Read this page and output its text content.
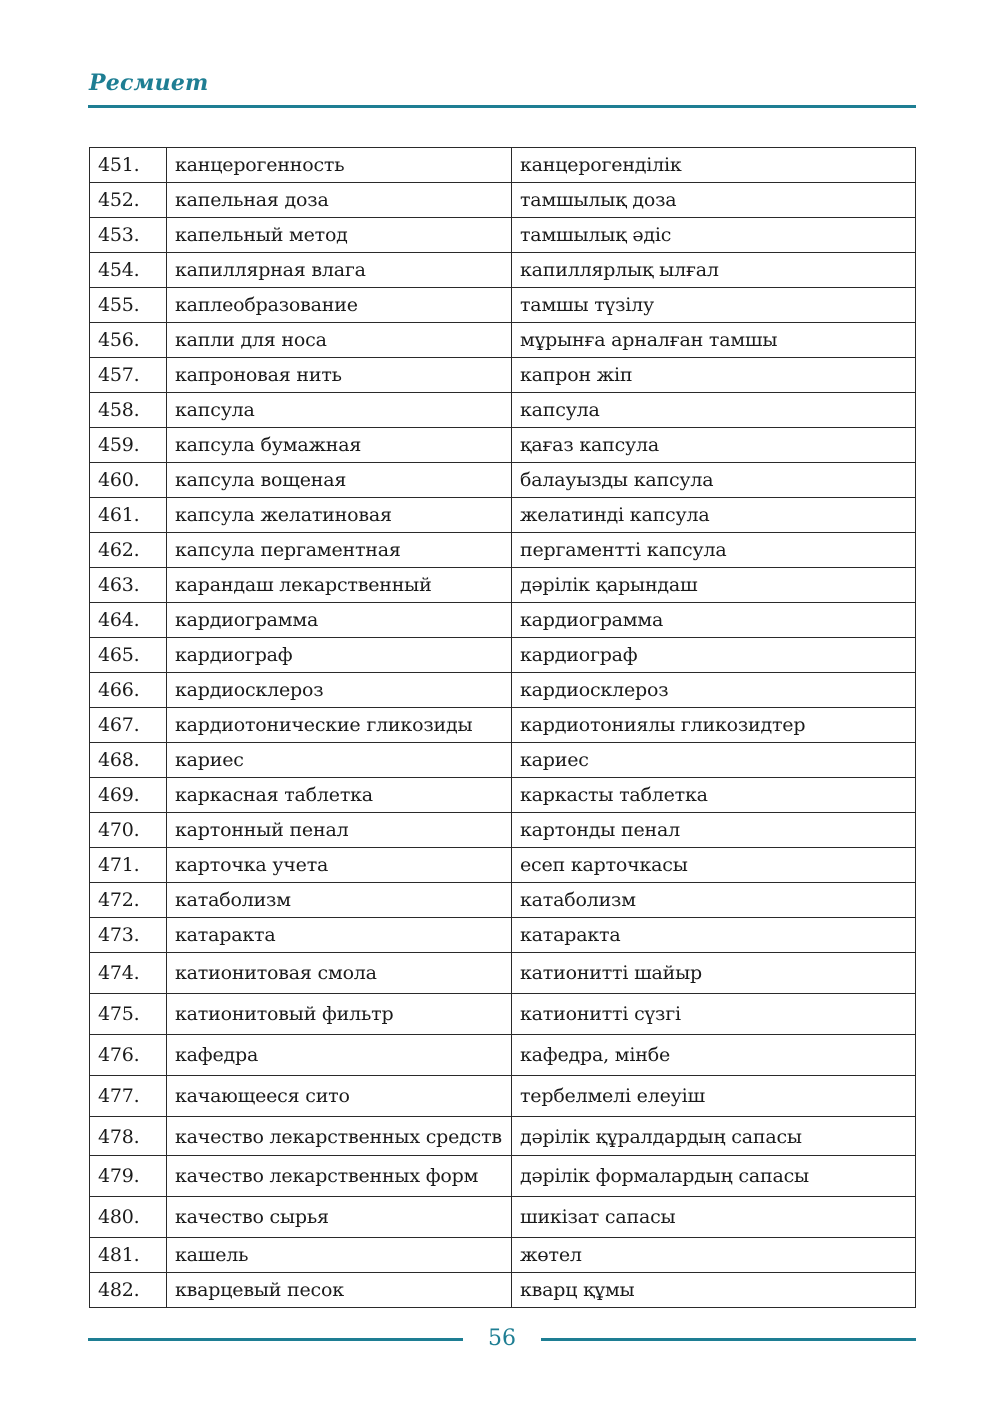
Ресмиет
451.	канцерогенность	канцерогенділік
452.	капельная доза	тамшылық доза
453.	капельный метод	тамшылық әдіс
454.	капиллярная влага	капиллярлық ылғал
455.	каплеобразование	тамшы түзілу
456.	капли для носа	мұрынға арналған тамшы
457.	капроновая нить	капрон жіп
458.	капсула	капсула
459.	капсула бумажная	қағаз капсула
460.	капсула вощеная	балауызды капсула
461.	капсула желатиновая	желатинді капсула
462.	капсула пергаментная	пергаментті капсула
463.	карандаш лекарственный	дәрілік қарындаш
464.	кардиограмма	кардиограмма
465.	кардиограф	кардиограф
466.	кардиосклероз	кардиосклероз
467.	кардиотонические гликозиды	кардиотониялы гликозидтер
468.	кариес	кариес
469.	каркасная таблетка	каркасты таблетка
470.	картонный пенал	картонды пенал
471.	карточка учета	есеп карточкасы
472.	катаболизм	катаболизм
473.	катаракта	катаракта
474.	катионитовая смола	катионитті шайыр
475.	катионитовый фильтр	катионитті сүзгі
476.	кафедра	кафедра, мінбе
477.	качающееся сито	тербелмелі елеуіш
478.	качество лекарственных средств	дәрілік құралдардың сапасы
479.	качество лекарственных форм	дәрілік формалардың сапасы
480.	качество сырья	шикізат сапасы
481.	кашель	жөтел
482.	кварцевый песок	кварц құмы
56
